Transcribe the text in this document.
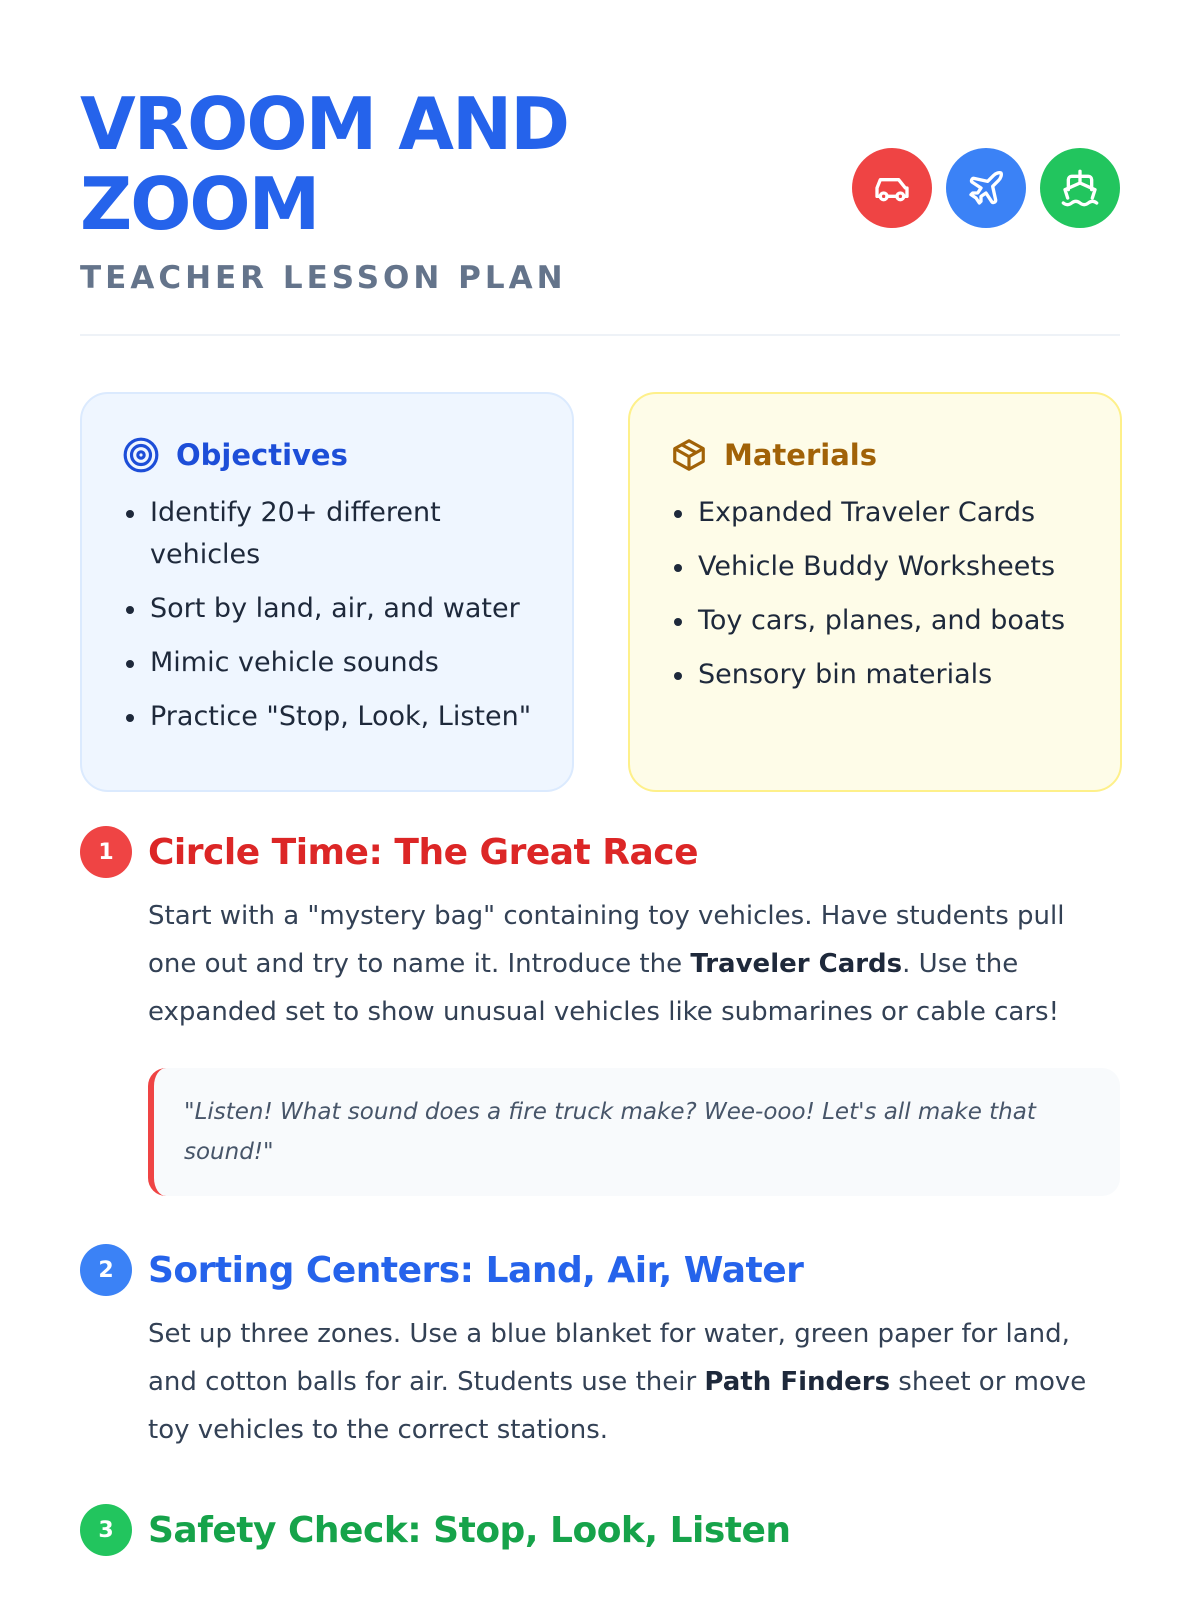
VROOM AND ZOOM
TEACHER LESSON PLAN
Objectives
Identify 20+ different vehicles
Sort by land, air, and water
Mimic vehicle sounds
Practice "Stop, Look, Listen"
Materials
Expanded Traveler Cards
Vehicle Buddy Worksheets
Toy cars, planes, and boats
Sensory bin materials
1 Circle Time: The Great Race

Start with a "mystery bag" containing toy vehicles. Have students pull one out and try to name it. Introduce the Traveler Cards. Use the expanded set to show unusual vehicles like submarines or cable cars!

"Listen! What sound does a fire truck make? Wee-ooo! Let's all make that sound!"
2 Sorting Centers: Land, Air, Water

Set up three zones. Use a blue blanket for water, green paper for land, and cotton balls for air. Students use their Path Finders sheet or move toy vehicles to the correct stations.

3 Safety Check: Stop, Look, Listen
